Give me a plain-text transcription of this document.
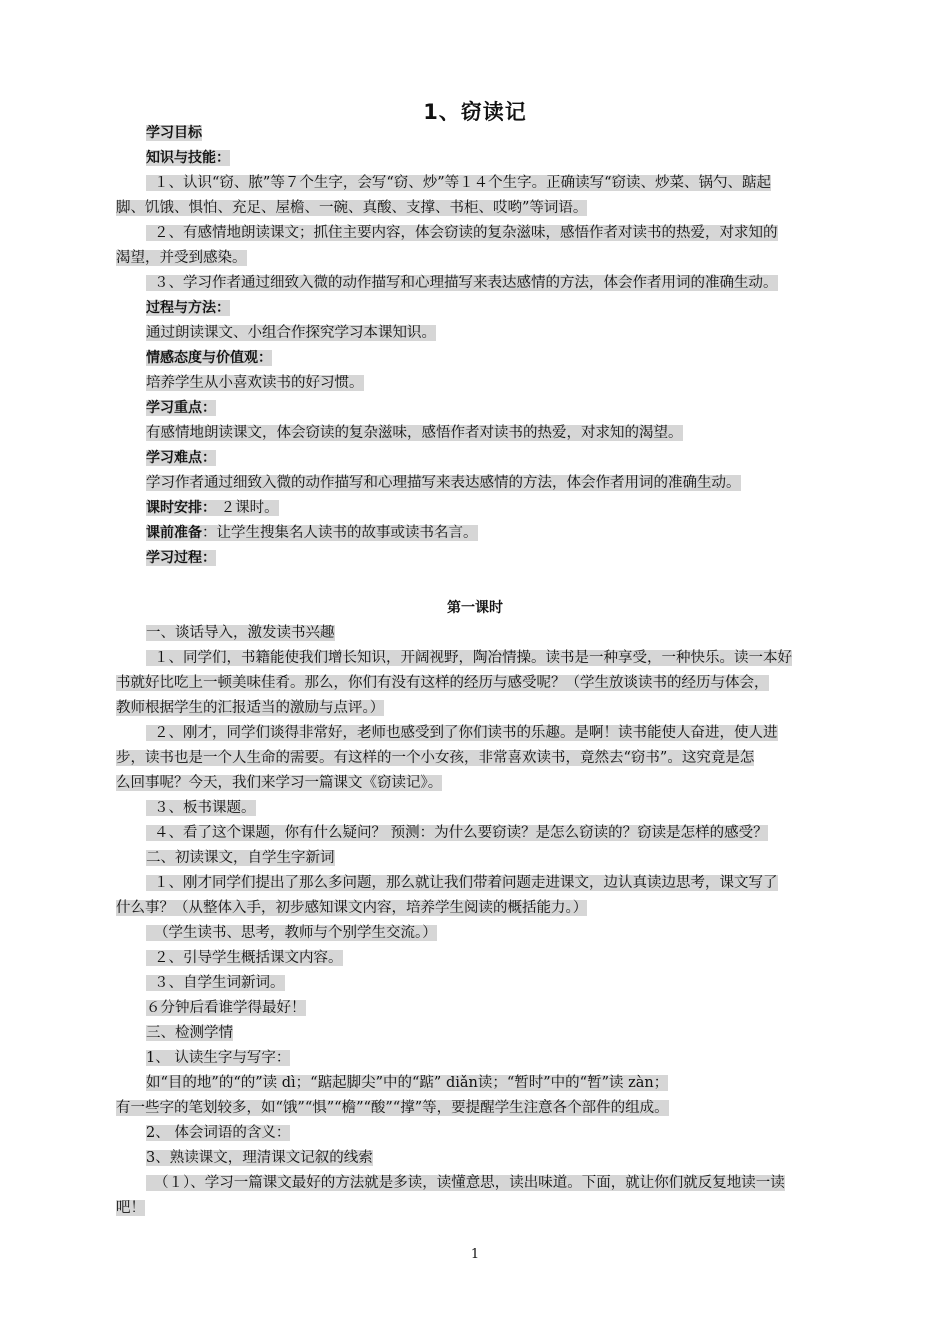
1、窃读记
第一课时
学习目标
知识与技能：
１、认识“窃、脓”等７个生字，会写“窃、炒”等１４个生字。正确读写“窃读、炒菜、锅勺、踮起
脚、饥饿、惧怕、充足、屋檐、一碗、真酸、支撑、书柜、哎哟”等词语。
２、有感情地朗读课文；抓住主要内容，体会窃读的复杂滋味，感悟作者对读书的热爱，对求知的
渴望，并受到感染。
３、学习作者通过细致入微的动作描写和心理描写来表达感情的方法，体会作者用词的准确生动。
过程与方法：
通过朗读课文、小组合作探究学习本课知识。
情感态度与价值观：
培养学生从小喜欢读书的好习惯。
学习重点：
有感情地朗读课文，体会窃读的复杂滋味，感悟作者对读书的热爱，对求知的渴望。
学习难点：
学习作者通过细致入微的动作描写和心理描写来表达感情的方法，体会作者用词的准确生动。
课时安排： ２课时。
课前准备：让学生搜集名人读书的故事或读书名言。
学习过程：
一、谈话导入，激发读书兴趣
１、同学们，书籍能使我们增长知识，开阔视野，陶冶情操。读书是一种享受，一种快乐。读一本好
书就好比吃上一顿美味佳肴。那么，你们有没有这样的经历与感受呢？（学生放谈读书的经历与体会，
教师根据学生的汇报适当的激励与点评。）
２、刚才，同学们谈得非常好，老师也感受到了你们读书的乐趣。是啊！读书能使人奋进，使人进
步，读书也是一个人生命的需要。有这样的一个小女孩，非常喜欢读书，竟然去“窃书”。这究竟是怎
么回事呢？今天，我们来学习一篇课文《窃读记》。
３、板书课题。
４、看了这个课题，你有什么疑问？ 预测：为什么要窃读？是怎么窃读的？窃读是怎样的感受？
二、初读课文，自学生字新词
１、刚才同学们提出了那么多问题，那么就让我们带着问题走进课文，边认真读边思考，课文写了
什么事？（从整体入手，初步感知课文内容，培养学生阅读的概括能力。）
（学生读书、思考，教师与个别学生交流。）
２、引导学生概括课文内容。
３、自学生词新词。
６分钟后看谁学得最好！
三、检测学情
1、 认读生字与写字：
如“目的地”的“的”读 dì；“踮起脚尖”中的“踮” diǎn读；“暂时”中的“暂”读 zàn；
有一些字的笔划较多，如“饿”“惧”“檐”“酸”“撑”等，要提醒学生注意各个部件的组成。
2、 体会词语的含义：
3、熟读课文，理清课文记叙的线索
（１）、学习一篇课文最好的方法就是多读，读懂意思，读出味道。下面，就让你们就反复地读一读
吧！
1
